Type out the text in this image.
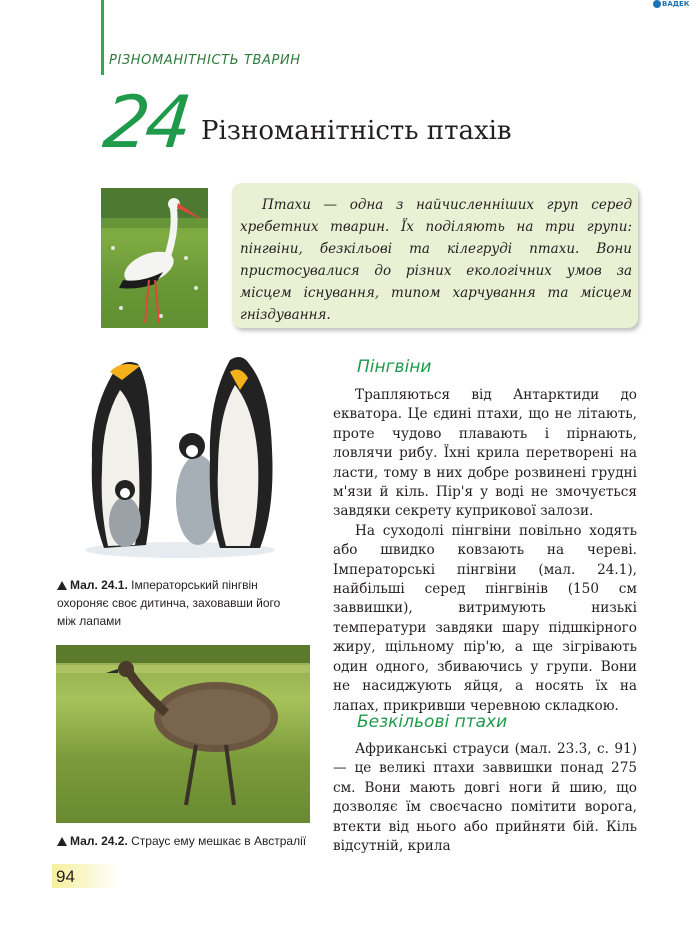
РІЗНОМАНІТНІСТЬ ТВАРИН
ВАДЕК
24 Різноманітність птахів
Птахи — одна з найчисленніших груп серед хребетних тварин. Їх поділяють на три групи: пінгвіни, безкільові та кілегруді птахи. Вони пристосувалися до різних екологічних умов за місцем існування, типом харчування та місцем гніздування.
Мал. 24.1. Імператорський пінгвін охороняє своє дитинча, заховавши його між лапами
Мал. 24.2. Страус ему мешкає в Австралії
Пінгвіни

Трапляються від Антарктиди до екватора. Це єдині птахи, що не літають, проте чудово плавають і пірнають, ловлячи рибу. Їхні крила перетворені на ласти, тому в них добре розвинені грудні м'язи й кіль. Пір'я у воді не змочується завдяки секрету куприкової залози.

На суходолі пінгвіни повільно ходять або швидко ковзають на череві. Імператорські пінгвіни (мал. 24.1), найбільші серед пінгвінів (150 см заввишки), витримують низькі температури завдяки шару підшкірного жиру, щільному пір'ю, а ще зігрівають один одного, збиваючись у групи. Вони не насиджують яйця, а носять їх на лапах, прикривши черевною складкою.

Безкільові птахи

Африканські страуси (мал. 23.3, с. 91) — це великі птахи заввишки понад 275 см. Вони мають довгі ноги й шию, що дозволяє їм своєчасно помітити ворога, втекти від нього або прийняти бій. Кіль відсутній, крила

94
